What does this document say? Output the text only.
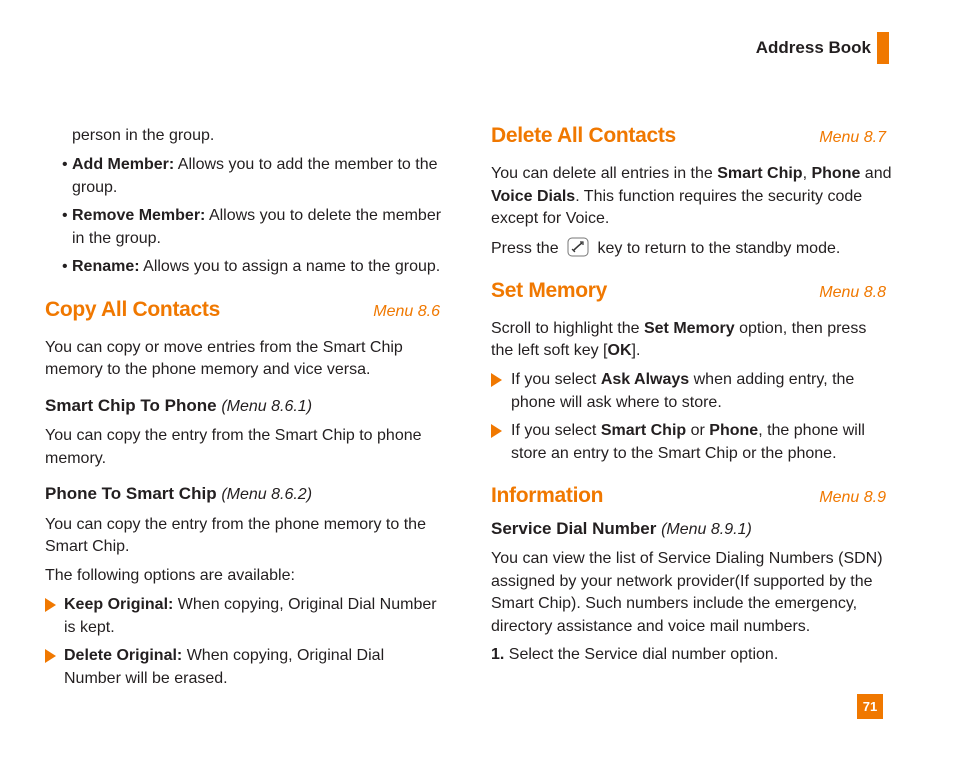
Address Book

person in the group.

• Add Member: Allows you to add the member to the

group.

• Remove Member: Allows you to delete the member

in the group.

• Rename: Allows you to assign a name to the group.

Copy All Contacts	Menu 8.6

You can copy or move entries from the Smart Chip

memory to the phone memory and vice versa.

Smart Chip To Phone (Menu 8.6.1)

You can copy the entry from the Smart Chip to phone

memory.

Phone To Smart Chip (Menu 8.6.2)

You can copy the entry from the phone memory to the

Smart Chip.

The following options are available:

Keep Original: When copying, Original Dial Number

is kept.

Delete Original: When copying, Original Dial

Number will be erased.

Delete All Contacts	Menu 8.7

You can delete all entries in the Smart Chip, Phone and

Voice Dials. This function requires the security code

except for Voice.

Press the key to return to the standby mode.

Set Memory	Menu 8.8

Scroll to highlight the Set Memory option, then press

the left soft key [OK].

If you select Ask Always when adding entry, the

phone will ask where to store.

If you select Smart Chip or Phone, the phone will

store an entry to the Smart Chip or the phone.

Information	Menu 8.9
Service Dial Number (Menu 8.9.1)

You can view the list of Service Dialing Numbers (SDN)

assigned by your network provider(If supported by the

Smart Chip). Such numbers include the emergency,

directory assistance and voice mail numbers.

1. Select the Service dial number option.

71
